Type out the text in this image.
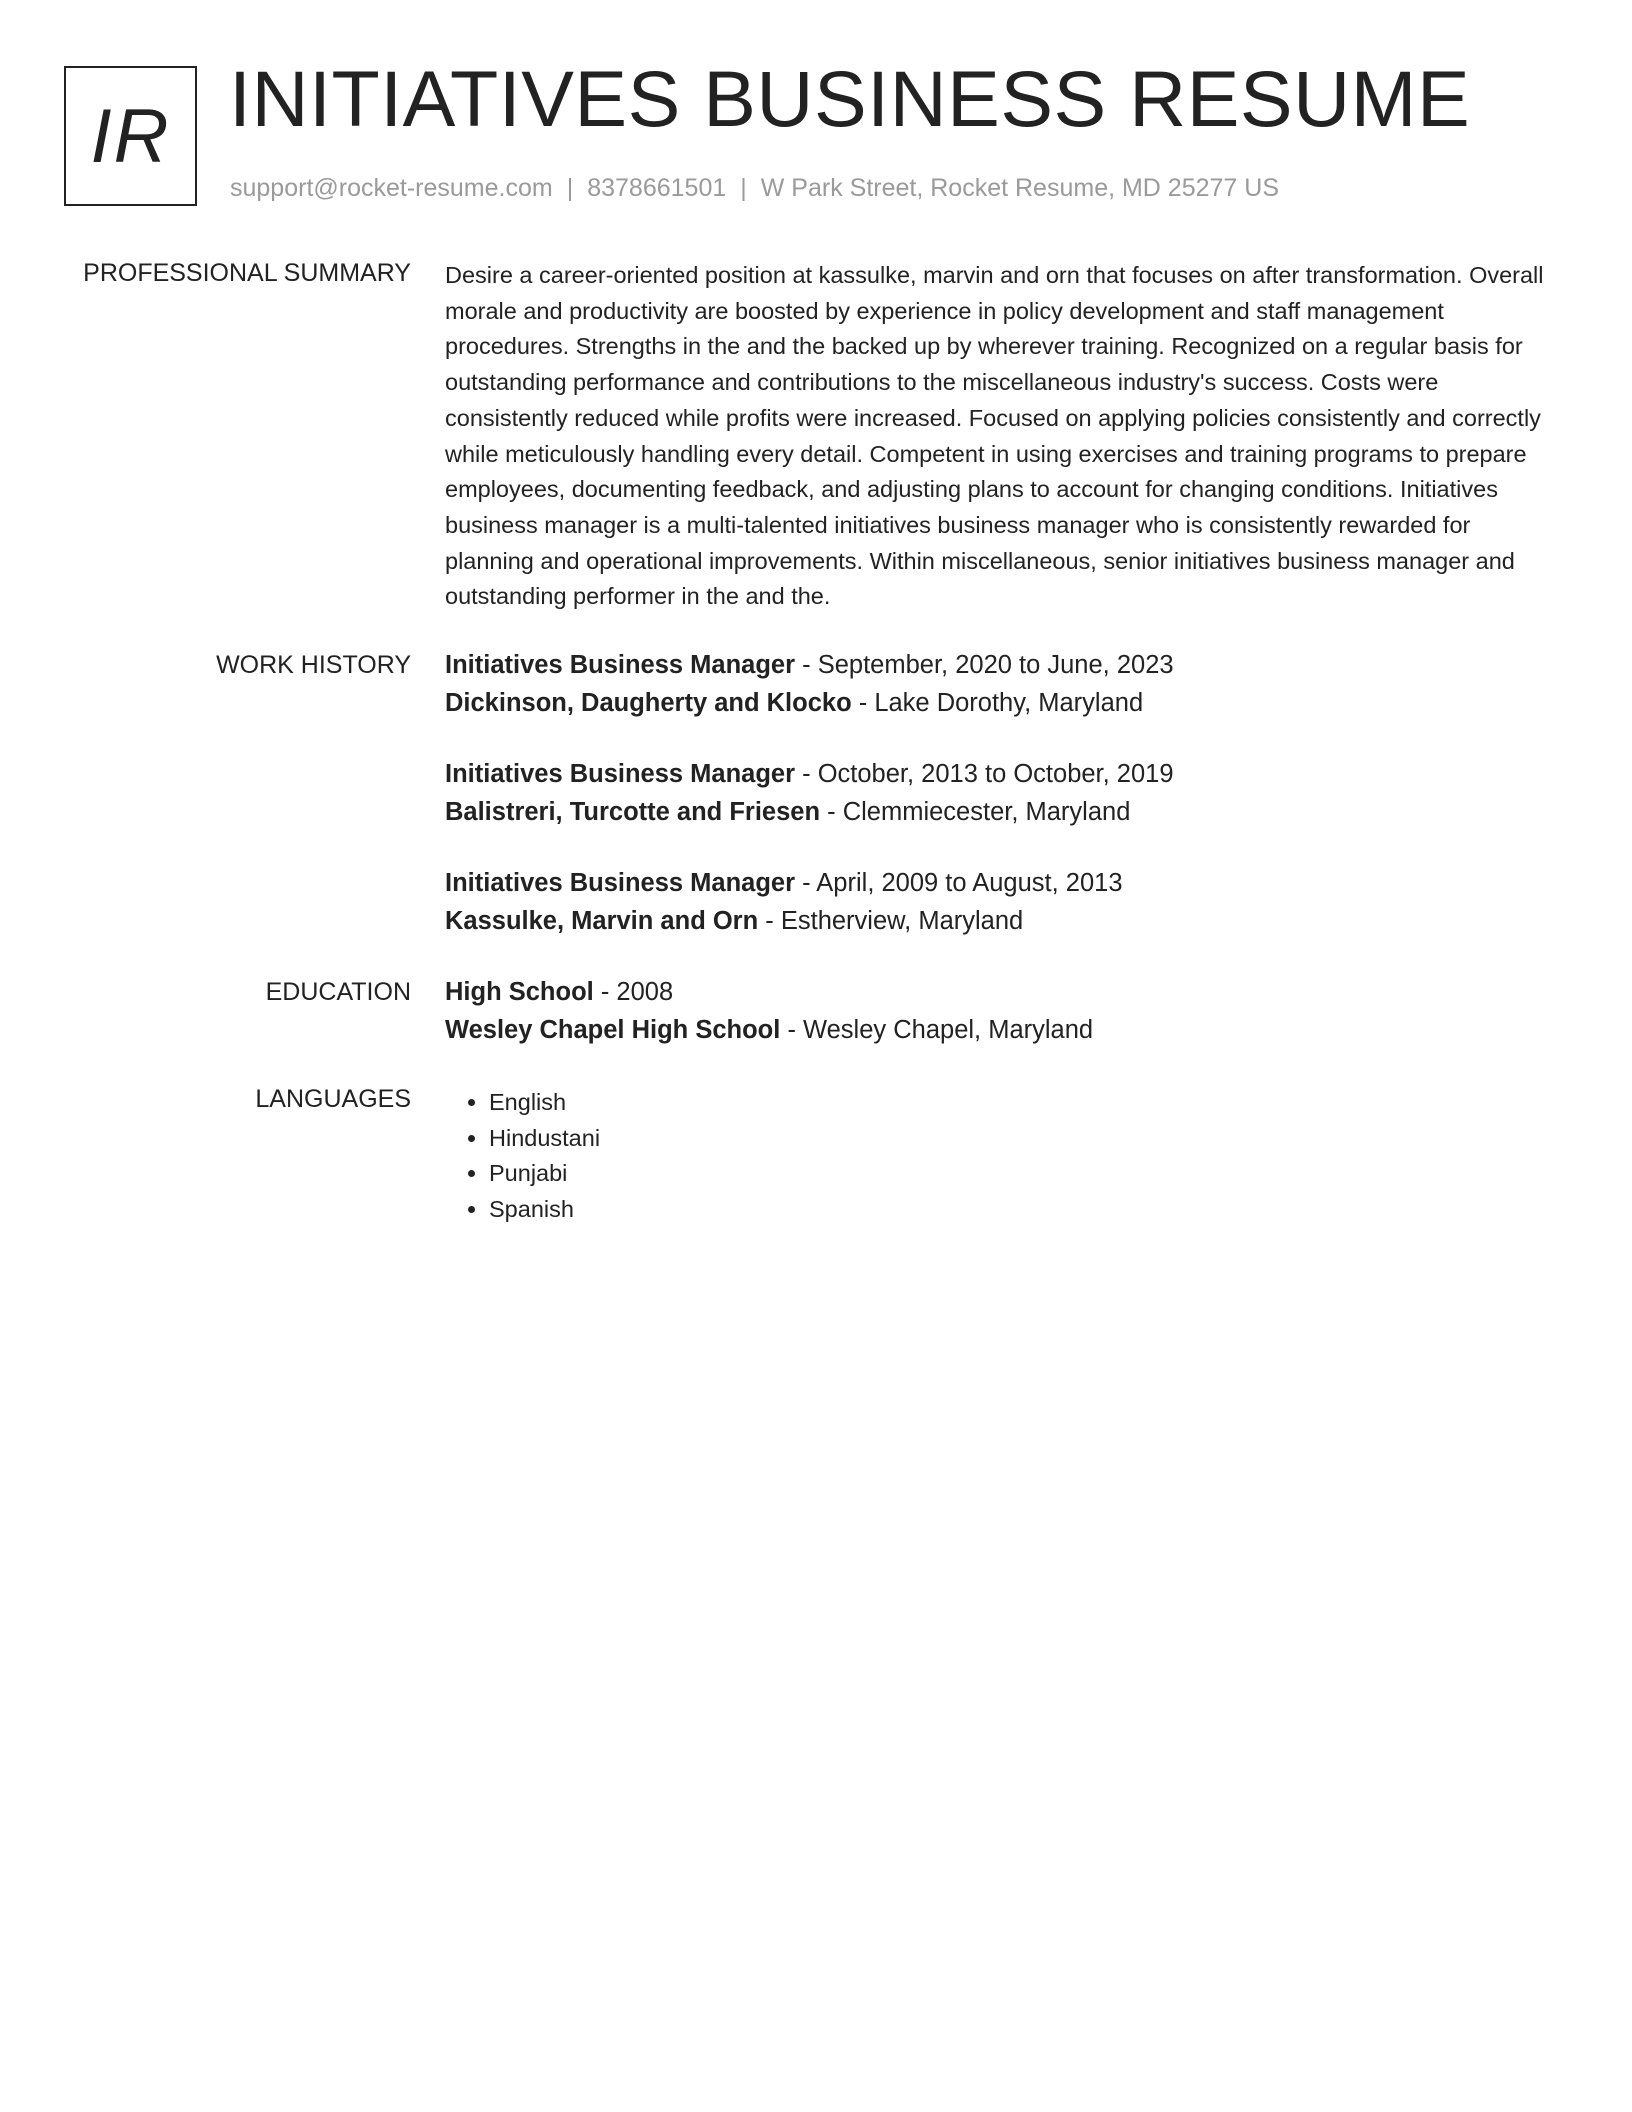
IR INITIATIVES BUSINESS RESUME
support@rocket-resume.com | 8378661501 | W Park Street, Rocket Resume, MD 25277 US
PROFESSIONAL SUMMARY Desire a career-oriented position at kassulke, marvin and orn that focuses on after transformation. Overall morale and productivity are boosted by experience in policy development and staff management procedures. Strengths in the and the backed up by wherever training. Recognized on a regular basis for outstanding performance and contributions to the miscellaneous industry's success. Costs were consistently reduced while profits were increased. Focused on applying policies consistently and correctly while meticulously handling every detail. Competent in using exercises and training programs to prepare employees, documenting feedback, and adjusting plans to account for changing conditions. Initiatives business manager is a multi-talented initiatives business manager who is consistently rewarded for planning and operational improvements. Within miscellaneous, senior initiatives business manager and outstanding performer in the and the.
WORK HISTORY Initiatives Business Manager - September, 2020 to June, 2023
Dickinson, Daugherty and Klocko - Lake Dorothy, Maryland
Initiatives Business Manager - October, 2013 to October, 2019
Balistreri, Turcotte and Friesen - Clemmiecester, Maryland
Initiatives Business Manager - April, 2009 to August, 2013
Kassulke, Marvin and Orn - Estherview, Maryland
EDUCATION High School - 2008
Wesley Chapel High School - Wesley Chapel, Maryland
LANGUAGES
•	English
• Hindustani
• Punjabi
• Spanish
